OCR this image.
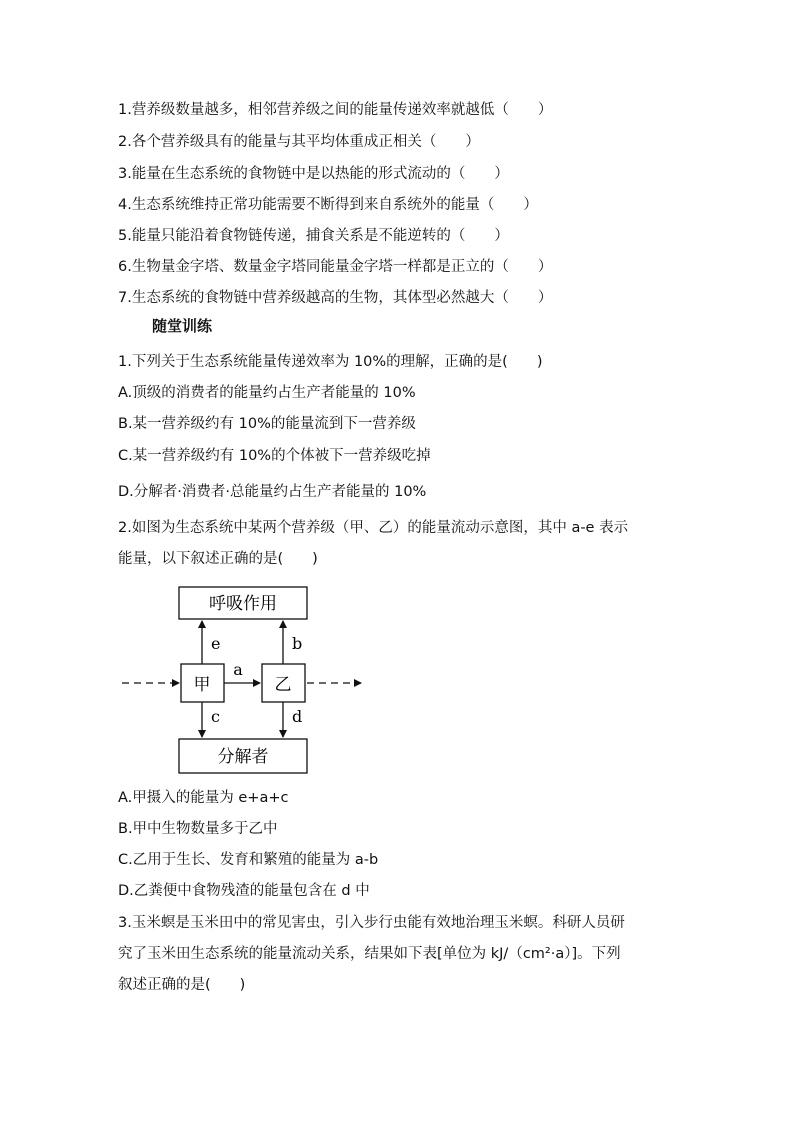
1.营养级数量越多，相邻营养级之间的能量传递效率就越低（　　）
2.各个营养级具有的能量与其平均体重成正相关（　　）
3.能量在生态系统的食物链中是以热能的形式流动的（　　）
4.生态系统维持正常功能需要不断得到来自系统外的能量（　　）
5.能量只能沿着食物链传递，捕食关系是不能逆转的（　　）
6.生物量金字塔、数量金字塔同能量金字塔一样都是正立的（　　）
7.生态系统的食物链中营养级越高的生物，其体型必然越大（　　）
随堂训练
1.下列关于生态系统能量传递效率为 10%的理解，正确的是(　　)
A.顶级的消费者的能量约占生产者能量的 10%
B.某一营养级约有 10%的能量流到下一营养级
C.某一营养级约有 10%的个体被下一营养级吃掉
D.分解者·消费者·总能量约占生产者能量的 10%
2.如图为生态系统中某两个营养级（甲、乙）的能量流动示意图，其中 a-e 表示
能量，以下叙述正确的是(　　)
呼吸作用
分解者
甲	乙
a
e	b
c	d
A.甲摄入的能量为 e+a+c
B.甲中生物数量多于乙中
C.乙用于生长、发育和繁殖的能量为 a-b
D.乙粪便中食物残渣的能量包含在 d 中
3.玉米螟是玉米田中的常见害虫，引入步行虫能有效地治理玉米螟。科研人员研
究了玉米田生态系统的能量流动关系，结果如下表[单位为 kJ/（cm²·a）]。下列
叙述正确的是(　　)
